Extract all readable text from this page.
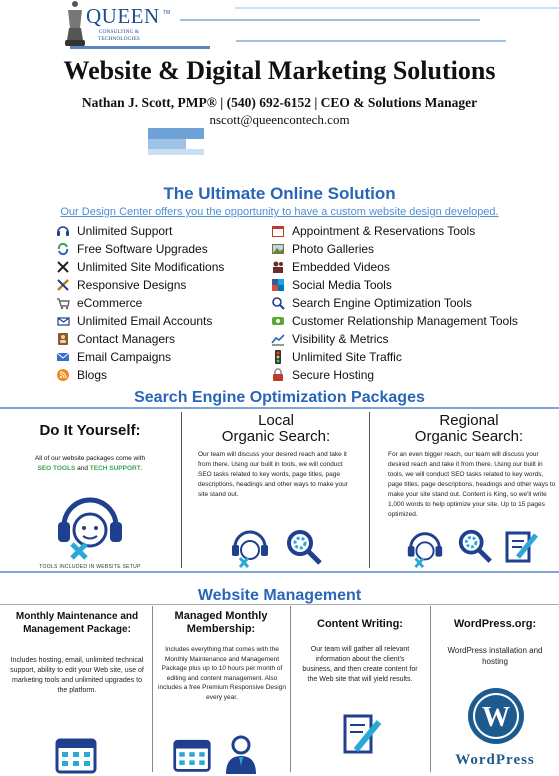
QUEEN TM
CONSULTING &
TECHNOLOGIES
Website & Digital Marketing Solutions
Nathan J. Scott, PMP® | (540) 692-6152 | CEO & Solutions Manager
nscott@queencontech.com
The Ultimate Online Solution
Our Design Center offers you the opportunity to have a custom website design developed.
Unlimited Support
Free Software Upgrades
Unlimited Site Modifications
Responsive Designs
eCommerce
Unlimited Email Accounts
Contact Managers
Email Campaigns
Blogs
Appointment & Reservations Tools
Photo Galleries
Embedded Videos
Social Media Tools
Search Engine Optimization Tools
Customer Relationship Management Tools
Visibility & Metrics
Unlimited Site Traffic
Secure Hosting
Search Engine Optimization Packages
Do It Yourself:
All of our website packages come with
SEO TOOLS and TECH SUPPORT.
TOOLS INCLUDED IN WEBSITE SETUP
Local
Organic Search:
Our team will discuss your desired reach and take it from there. Using our built in tools, we will conduct SEO tasks related to key words, page titles, page descriptions, headings and other ways to make your site stand out.
Regional
Organic Search:
For an even bigger reach, our team will discuss your desired reach and take it from there. Using our built in tools, we will conduct SEO tasks related to key words, page titles, page descriptions, headings and other ways to make your site stand out. Content is King, so we'll write 1,000 words to help optimize your site. Up to 15 pages optimized.
Website Management
Monthly Maintenance and Management Package:
Includes hosting, email, unlimited technical support, ability to edit your Web site, use of marketing tools and unlimited upgrades to the platform.
Managed Monthly Membership:
Includes everything that comes with the Monthly Maintenance and Management Package plus up to 10 hours per month of editing and content management. Also includes a free Premium Responsive Design every year.
Content Writing:
Our team will gather all relevant information about the client's business, and then create content for the Web site that will yield results.
WordPress.org:
WordPress installation and hosting
W
WordPress
